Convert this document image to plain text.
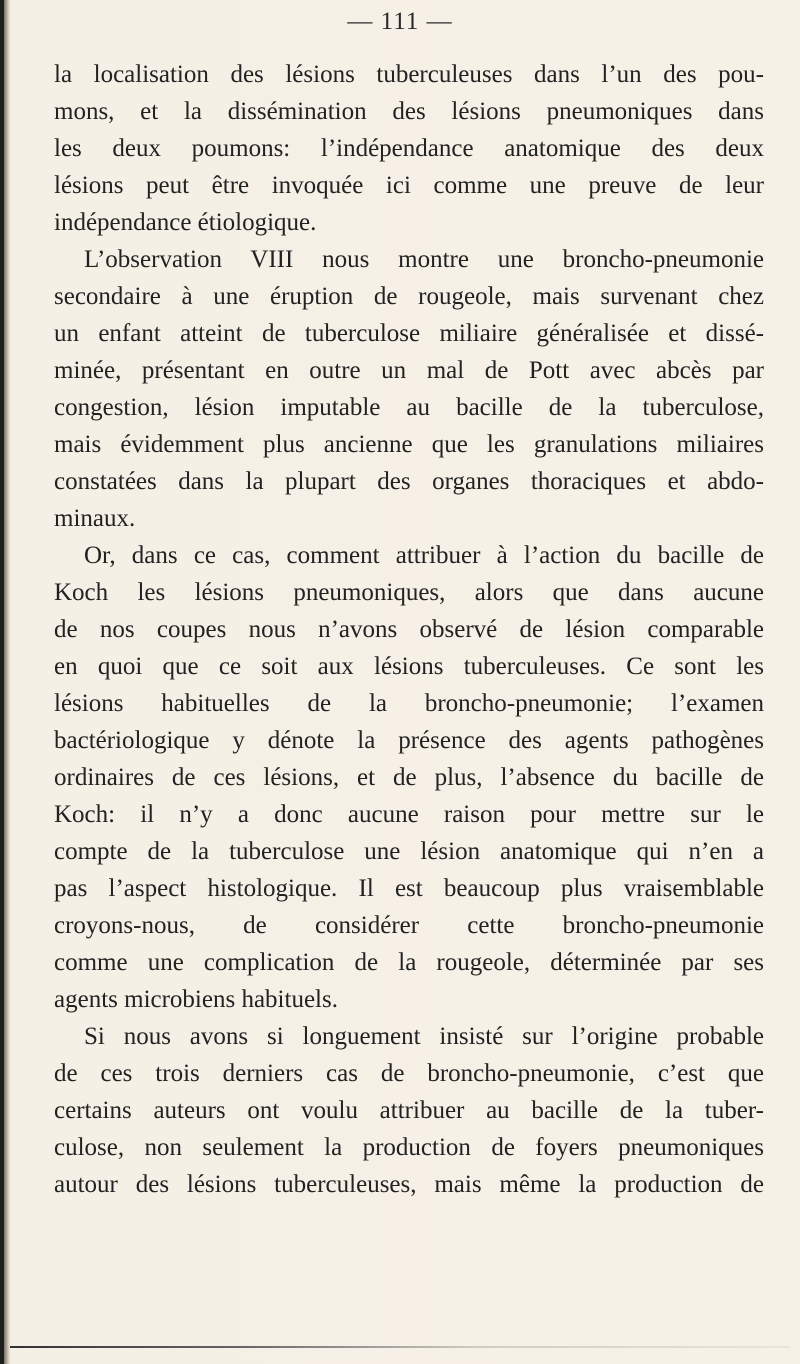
— 111 —
la localisation des lésions tuberculeuses dans l’un des pou-
mons, et la dissémination des lésions pneumoniques dans
les deux poumons: l’indépendance anatomique des deux
lésions peut être invoquée ici comme une preuve de leur
indépendance étiologique.
L’observation VIII nous montre une broncho-pneumonie
secondaire à une éruption de rougeole, mais survenant chez
un enfant atteint de tuberculose miliaire généralisée et dissé-
minée, présentant en outre un mal de Pott avec abcès par
congestion, lésion imputable au bacille de la tuberculose,
mais évidemment plus ancienne que les granulations miliaires
constatées dans la plupart des organes thoraciques et abdo-
minaux.
Or, dans ce cas, comment attribuer à l’action du bacille de
Koch les lésions pneumoniques, alors que dans aucune
de nos coupes nous n’avons observé de lésion comparable
en quoi que ce soit aux lésions tuberculeuses. Ce sont les
lésions habituelles de la broncho-pneumonie; l’examen
bactériologique y dénote la présence des agents pathogènes
ordinaires de ces lésions, et de plus, l’absence du bacille de
Koch: il n’y a donc aucune raison pour mettre sur le
compte de la tuberculose une lésion anatomique qui n’en a
pas l’aspect histologique. Il est beaucoup plus vraisemblable
croyons-nous, de considérer cette broncho-pneumonie
comme une complication de la rougeole, déterminée par ses
agents microbiens habituels.
Si nous avons si longuement insisté sur l’origine probable
de ces trois derniers cas de broncho-pneumonie, c’est que
certains auteurs ont voulu attribuer au bacille de la tuber-
culose, non seulement la production de foyers pneumoniques
autour des lésions tuberculeuses, mais même la production de
